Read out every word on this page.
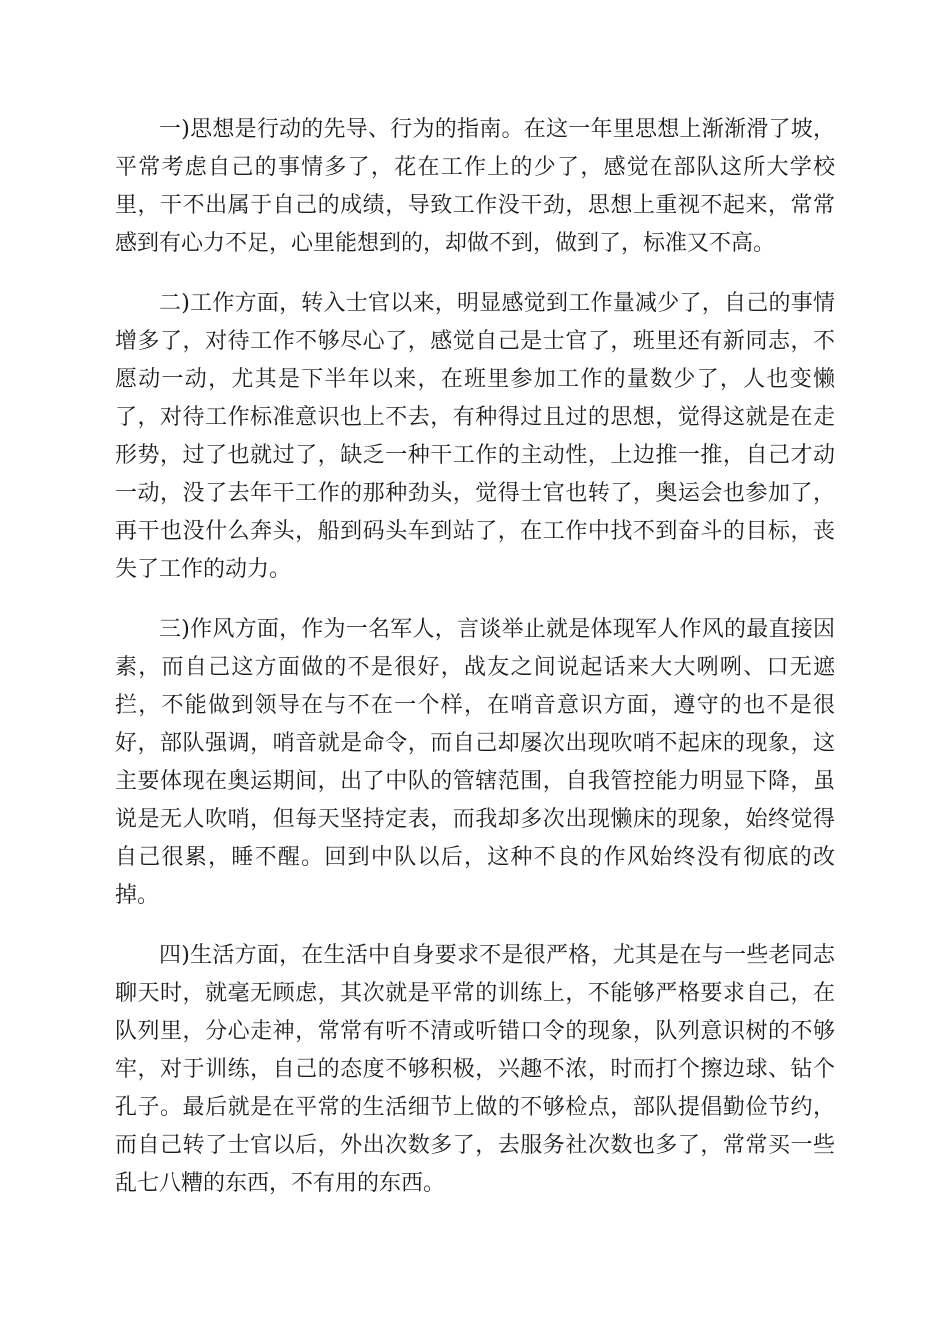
一)思想是行动的先导、行为的指南。在这一年里思想上渐渐滑了坡，平常考虑自己的事情多了，花在工作上的少了，感觉在部队这所大学校里，干不出属于自己的成绩，导致工作没干劲，思想上重视不起来，常常感到有心力不足，心里能想到的，却做不到，做到了，标准又不高。

二)工作方面，转入士官以来，明显感觉到工作量减少了，自己的事情增多了，对待工作不够尽心了，感觉自己是士官了，班里还有新同志，不愿动一动，尤其是下半年以来，在班里参加工作的量数少了，人也变懒了，对待工作标准意识也上不去，有种得过且过的思想，觉得这就是在走形势，过了也就过了，缺乏一种干工作的主动性，上边推一推，自己才动一动，没了去年干工作的那种劲头，觉得士官也转了，奥运会也参加了，再干也没什么奔头，船到码头车到站了，在工作中找不到奋斗的目标，丧失了工作的动力。

三)作风方面，作为一名军人，言谈举止就是体现军人作风的最直接因素，而自己这方面做的不是很好，战友之间说起话来大大咧咧、口无遮拦，不能做到领导在与不在一个样，在哨音意识方面，遵守的也不是很好，部队强调，哨音就是命令，而自己却屡次出现吹哨不起床的现象，这主要体现在奥运期间，出了中队的管辖范围，自我管控能力明显下降，虽说是无人吹哨，但每天坚持定表，而我却多次出现懒床的现象，始终觉得自己很累，睡不醒。回到中队以后，这种不良的作风始终没有彻底的改掉。

四)生活方面，在生活中自身要求不是很严格，尤其是在与一些老同志聊天时，就毫无顾虑，其次就是平常的训练上，不能够严格要求自己，在队列里，分心走神，常常有听不清或听错口令的现象，队列意识树的不够牢，对于训练，自己的态度不够积极，兴趣不浓，时而打个擦边球、钻个孔子。最后就是在平常的生活细节上做的不够检点，部队提倡勤俭节约，而自己转了士官以后，外出次数多了，去服务社次数也多了，常常买一些乱七八糟的东西，不有用的东西。
